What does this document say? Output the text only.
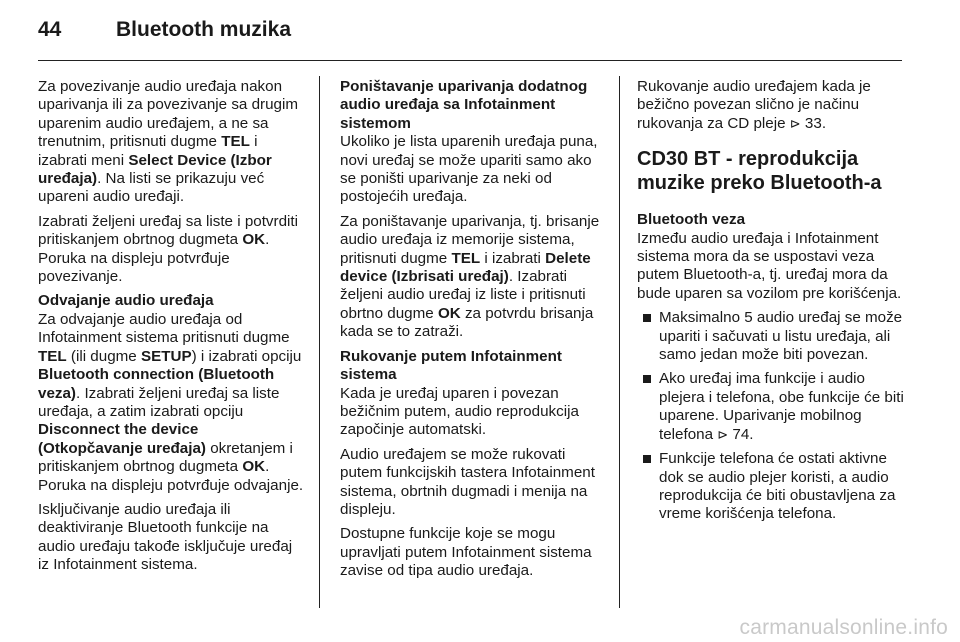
44	Bluetooth muzika

Za povezivanje audio uređaja nakon uparivanja ili za povezivanje sa drugim uparenim audio uređajem, a ne sa trenutnim, pritisnuti dugme TEL i izabrati meni Select Device (Izbor uređaja). Na listi se prikazuju već upareni audio uređaji.

Izabrati željeni uređaj sa liste i potvrditi pritiskanjem obrtnog dugmeta OK. Poruka na displeju potvrđuje povezivanje.

Odvajanje audio uređaja

Za odvajanje audio uređaja od Infotainment sistema pritisnuti dugme TEL (ili dugme SETUP) i izabrati opciju Bluetooth connection (Bluetooth veza). Izabrati željeni uređaj sa liste uređaja, a zatim izabrati opciju Disconnect the device (Otkopčavanje uređaja) okretanjem i pritiskanjem obrtnog dugmeta OK. Poruka na displeju potvrđuje odvajanje.

Isključivanje audio uređaja ili deaktiviranje Bluetooth funkcije na audio uređaju takođe isključuje uređaj iz Infotainment sistema.

Poništavanje uparivanja dodatnog audio uređaja sa Infotainment sistemom

Ukoliko je lista uparenih uređaja puna, novi uređaj se može upariti samo ako se poništi uparivanje za neki od postojećih uređaja.

Za poništavanje uparivanja, tj. brisanje audio uređaja iz memorije sistema, pritisnuti dugme TEL i izabrati Delete device (Izbrisati uređaj). Izabrati željeni audio uređaj iz liste i pritisnuti obrtno dugme OK za potvrdu brisanja kada se to zatraži.

Rukovanje putem Infotainment sistema

Kada je uređaj uparen i povezan bežičnim putem, audio reprodukcija započinje automatski.

Audio uređajem se može rukovati putem funkcijskih tastera Infotainment sistema, obrtnih dugmadi i menija na displeju.

Dostupne funkcije koje se mogu upravljati putem Infotainment sistema zavise od tipa audio uređaja.

Rukovanje audio uređajem kada je bežično povezan slično je načinu rukovanja za CD pleje ⊳ 33.

CD30 BT - reprodukcija muzike preko Bluetooth-a

Bluetooth veza

Između audio uređaja i Infotainment sistema mora da se uspostavi veza putem Bluetooth-a, tj. uređaj mora da bude uparen sa vozilom pre korišćenja.

Maksimalno 5 audio uređaj se može upariti i sačuvati u listu uređaja, ali samo jedan može biti povezan.
Ako uređaj ima funkcije i audio plejera i telefona, obe funkcije će biti uparene. Uparivanje mobilnog telefona ⊳ 74.
Funkcije telefona će ostati aktivne dok se audio plejer koristi, a audio reprodukcija će biti obustavljena za vreme korišćenja telefona.
carmanualsonline.info
